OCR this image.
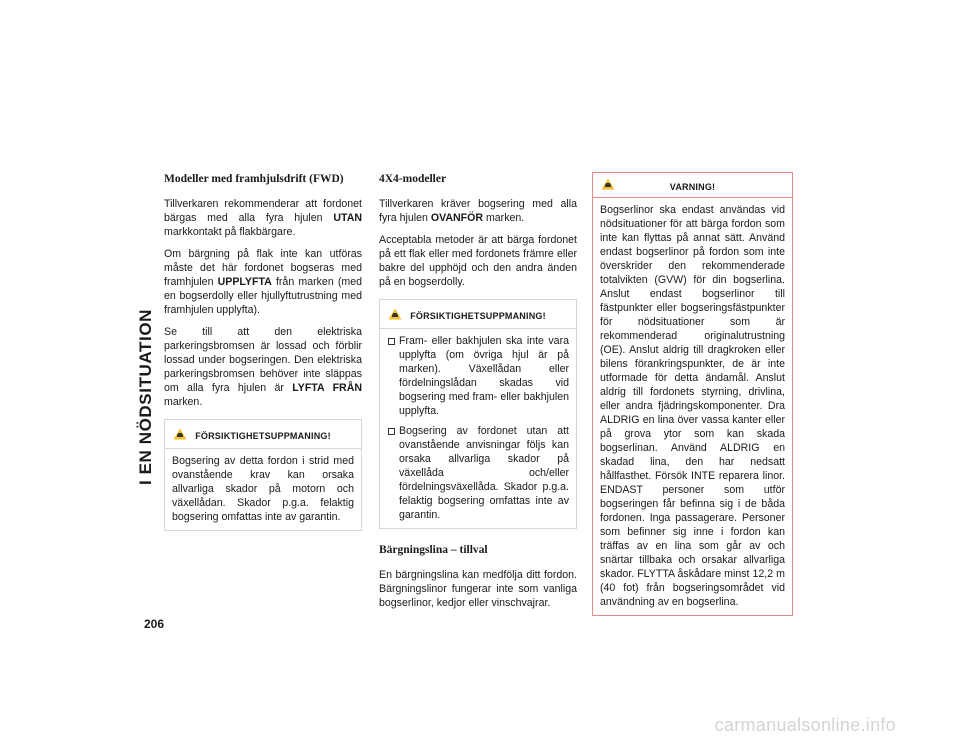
I EN NÖDSITUATION
206
Modeller med framhjulsdrift (FWD)

Tillverkaren rekommenderar att fordonet bärgas med alla fyra hjulen UTAN markkontakt på flakbärgare.

Om bärgning på flak inte kan utföras måste det här fordonet bogseras med framhjulen UPPLYFTA från marken (med en bogserdolly eller hjullyftutrustning med framhjulen upplyfta).

Se till att den elektriska parkeringsbromsen är lossad och förblir lossad under bogseringen. Den elektriska parkeringsbromsen behöver inte släppas om alla fyra hjulen är LYFTA FRÅN marken.

FÖRSIKTIGHETSUPPMANING!

Bogsering av detta fordon i strid med ovanstående krav kan orsaka allvarliga skador på motorn och växellådan. Skador p.g.a. felaktig bogsering omfattas inte av garantin.

4X4-modeller

Tillverkaren kräver bogsering med alla fyra hjulen OVANFÖR marken.

Acceptabla metoder är att bärga fordonet på ett flak eller med fordonets främre eller bakre del upphöjd och den andra änden på en bogserdolly.

FÖRSIKTIGHETSUPPMANING!
Fram- eller bakhjulen ska inte vara upplyfta (om övriga hjul är på marken). Växellådan eller fördelningslådan skadas vid bogsering med fram- eller bakhjulen upplyfta.
Bogsering av fordonet utan att ovanstående anvisningar följs kan orsaka allvarliga skador på växellåda och/eller fördelningsväxellåda. Skador p.g.a. felaktig bogsering omfattas inte av garantin.
Bärgningslina – tillval

En bärgningslina kan medfölja ditt fordon. Bärgningslinor fungerar inte som vanliga bogserlinor, kedjor eller vinschvajrar.

VARNING!

Bogserlinor ska endast användas vid nödsituationer för att bärga fordon som inte kan flyttas på annat sätt. Använd endast bogserlinor på fordon som inte överskrider den rekommenderade totalvikten (GVW) för din bogserlina. Anslut endast bogserlinor till fästpunkter eller bogseringsfästpunkter för nödsituationer som är rekommenderad originalutrustning (OE). Anslut aldrig till dragkroken eller bilens förankringspunkter, de är inte utformade för detta ändamål. Anslut aldrig till fordonets styrning, drivlina, eller andra fjädringskomponenter. Dra ALDRIG en lina över vassa kanter eller på grova ytor som kan skada bogserlinan. Använd ALDRIG en skadad lina, den har nedsatt hållfasthet. Försök INTE reparera linor. ENDAST personer som utför bogseringen får befinna sig i de båda fordonen. Inga passagerare. Personer som befinner sig inne i fordon kan träffas av en lina som går av och snärtar tillbaka och orsakar allvarliga skador. FLYTTA åskådare minst 12,2 m (40 fot) från bogseringsområdet vid användning av en bogserlina.

carmanualsonline.info
